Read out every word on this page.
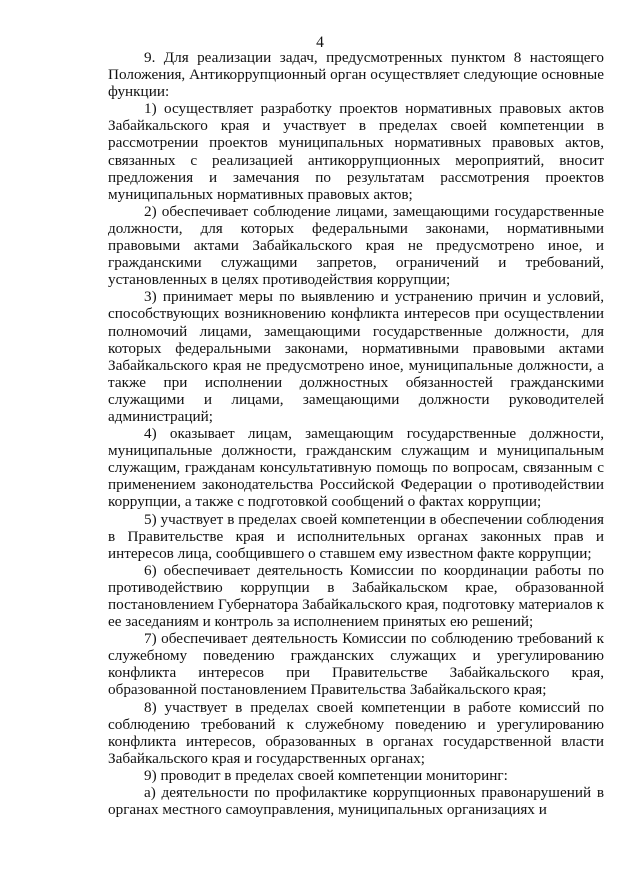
4

9. Для реализации задач, предусмотренных пунктом 8 настоящего Положения, Антикоррупционный орган осуществляет следующие основные функции:

1) осуществляет разработку проектов нормативных правовых актов Забайкальского края и участвует в пределах своей компетенции в рассмотрении проектов муниципальных нормативных правовых актов, связанных с реализацией антикоррупционных мероприятий, вносит предложения и замечания по результатам рассмотрения проектов муниципальных нормативных правовых актов;

2) обеспечивает соблюдение лицами, замещающими государственные должности, для которых федеральными законами, нормативными правовыми актами Забайкальского края не предусмотрено иное, и гражданскими служащими запретов, ограничений и требований, установленных в целях противодействия коррупции;

3) принимает меры по выявлению и устранению причин и условий, способствующих возникновению конфликта интересов при осуществлении полномочий лицами, замещающими государственные должности, для которых федеральными законами, нормативными правовыми актами Забайкальского края не предусмотрено иное, муниципальные должности, а также при исполнении должностных обязанностей гражданскими служащими и лицами, замещающими должности руководителей администраций;

4) оказывает лицам, замещающим государственные должности, муниципальные должности, гражданским служащим и муниципальным служащим, гражданам консультативную помощь по вопросам, связанным с применением законодательства Российской Федерации о противодействии коррупции, а также с подготовкой сообщений о фактах коррупции;

5) участвует в пределах своей компетенции в обеспечении соблюдения в Правительстве края и исполнительных органах законных прав и интересов лица, сообщившего о ставшем ему известном факте коррупции;

6) обеспечивает деятельность Комиссии по координации работы по противодействию коррупции в Забайкальском крае, образованной постановлением Губернатора Забайкальского края, подготовку материалов к ее заседаниям и контроль за исполнением принятых ею решений;

7) обеспечивает деятельность Комиссии по соблюдению требований к служебному поведению гражданских служащих и урегулированию конфликта интересов при Правительстве Забайкальского края, образованной постановлением Правительства Забайкальского края;

8) участвует в пределах своей компетенции в работе комиссий по соблюдению требований к служебному поведению и урегулированию конфликта интересов, образованных в органах государственной власти Забайкальского края и государственных органах;

9) проводит в пределах своей компетенции мониторинг:

а) деятельности по профилактике коррупционных правонарушений в органах местного самоуправления, муниципальных организациях и
